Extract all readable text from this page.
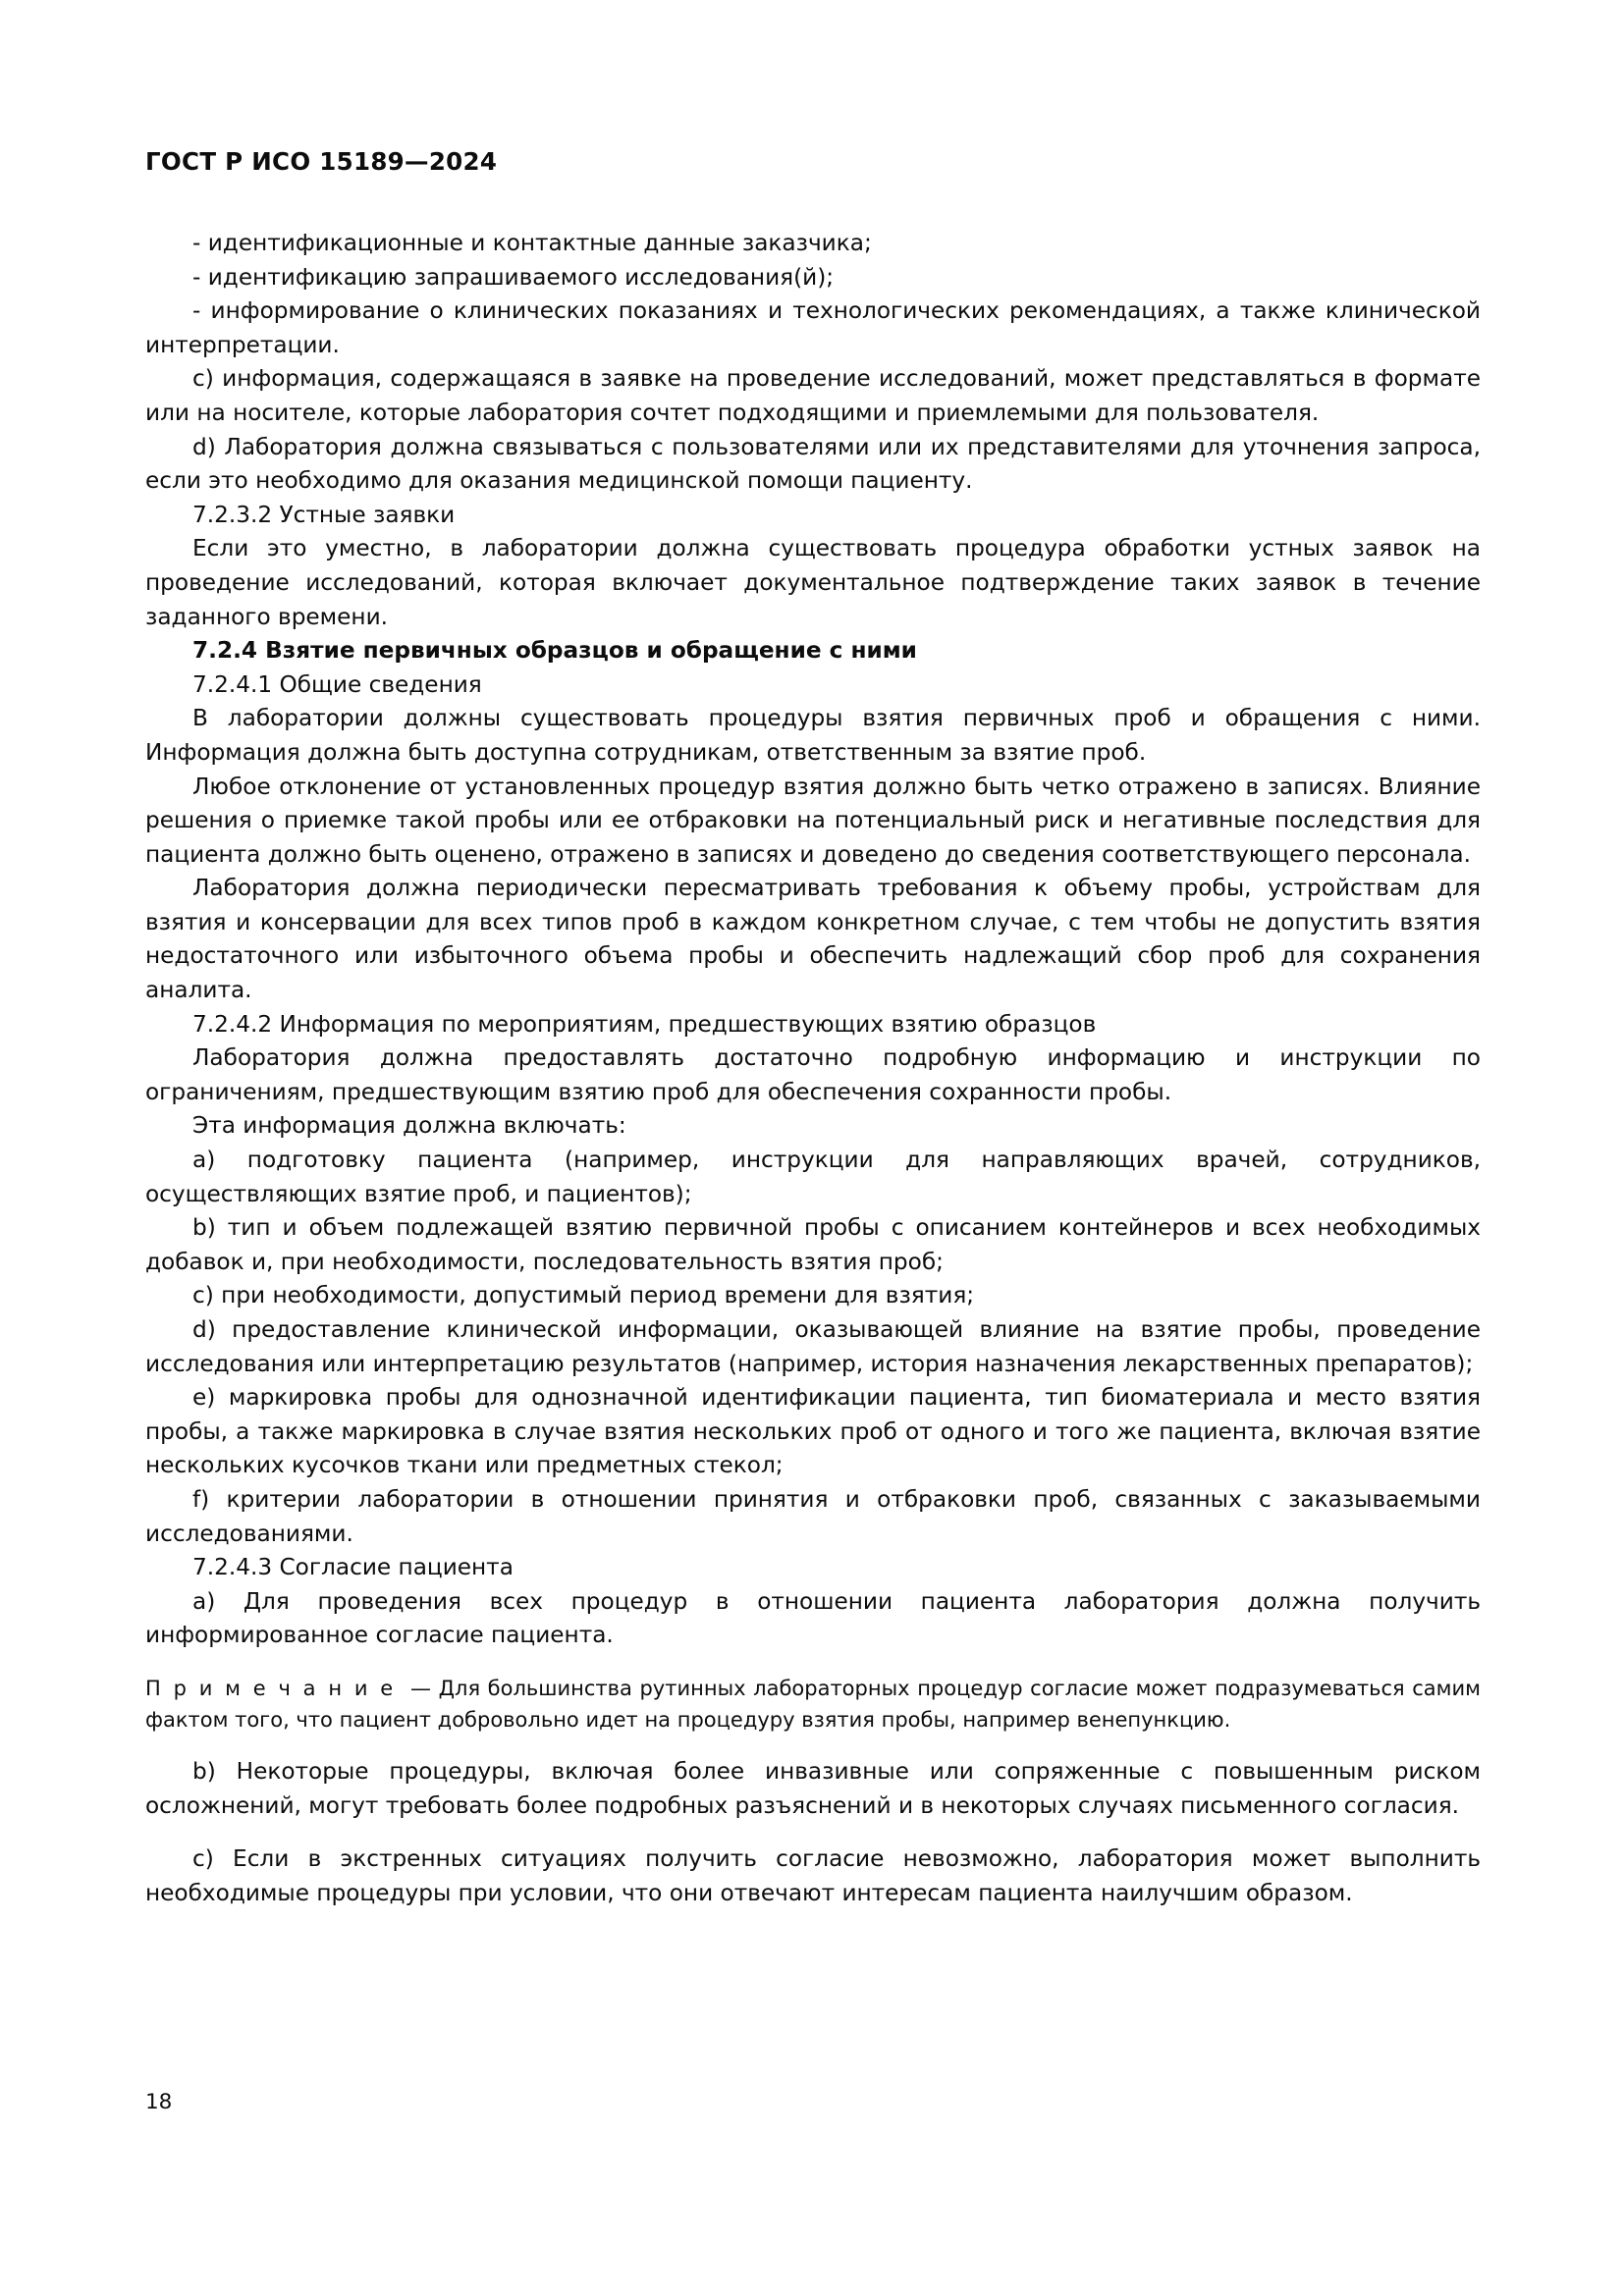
ГОСТ Р ИСО 15189—2024

- идентификационные и контактные данные заказчика;

- идентификацию запрашиваемого исследования(й);

- информирование о клинических показаниях и технологических рекомендациях, а также клинической интерпретации.

c) информация, содержащаяся в заявке на проведение исследований, может представляться в формате или на носителе, которые лаборатория сочтет подходящими и приемлемыми для пользователя.

d) Лаборатория должна связываться с пользователями или их представителями для уточнения запроса, если это необходимо для оказания медицинской помощи пациенту.

7.2.3.2 Устные заявки

Если это уместно, в лаборатории должна существовать процедура обработки устных заявок на проведение исследований, которая включает документальное подтверждение таких заявок в течение заданного времени.

7.2.4 Взятие первичных образцов и обращение с ними

7.2.4.1 Общие сведения

В лаборатории должны существовать процедуры взятия первичных проб и обращения с ними. Информация должна быть доступна сотрудникам, ответственным за взятие проб.

Любое отклонение от установленных процедур взятия должно быть четко отражено в записях. Влияние решения о приемке такой пробы или ее отбраковки на потенциальный риск и негативные последствия для пациента должно быть оценено, отражено в записях и доведено до сведения соответствующего персонала.

Лаборатория должна периодически пересматривать требования к объему пробы, устройствам для взятия и консервации для всех типов проб в каждом конкретном случае, с тем чтобы не допустить взятия недостаточного или избыточного объема пробы и обеспечить надлежащий сбор проб для сохранения аналита.

7.2.4.2 Информация по мероприятиям, предшествующих взятию образцов

Лаборатория должна предоставлять достаточно подробную информацию и инструкции по ограничениям, предшествующим взятию проб для обеспечения сохранности пробы.

Эта информация должна включать:

a) подготовку пациента (например, инструкции для направляющих врачей, сотрудников, осуществляющих взятие проб, и пациентов);

b) тип и объем подлежащей взятию первичной пробы с описанием контейнеров и всех необходимых добавок и, при необходимости, последовательность взятия проб;

c) при необходимости, допустимый период времени для взятия;

d) предоставление клинической информации, оказывающей влияние на взятие пробы, проведение исследования или интерпретацию результатов (например, история назначения лекарственных препаратов);

e) маркировка пробы для однозначной идентификации пациента, тип биоматериала и место взятия пробы, а также маркировка в случае взятия нескольких проб от одного и того же пациента, включая взятие нескольких кусочков ткани или предметных стекол;

f) критерии лаборатории в отношении принятия и отбраковки проб, связанных с заказываемыми исследованиями.

7.2.4.3 Согласие пациента

a) Для проведения всех процедур в отношении пациента лаборатория должна получить информированное согласие пациента.

П р и м е ч а н и е — Для большинства рутинных лабораторных процедур согласие может подразумеваться самим фактом того, что пациент добровольно идет на процедуру взятия пробы, например венепункцию.

b) Некоторые процедуры, включая более инвазивные или сопряженные с повышенным риском осложнений, могут требовать более подробных разъяснений и в некоторых случаях письменного согласия.

c) Если в экстренных ситуациях получить согласие невозможно, лаборатория может выполнить необходимые процедуры при условии, что они отвечают интересам пациента наилучшим образом.

18
